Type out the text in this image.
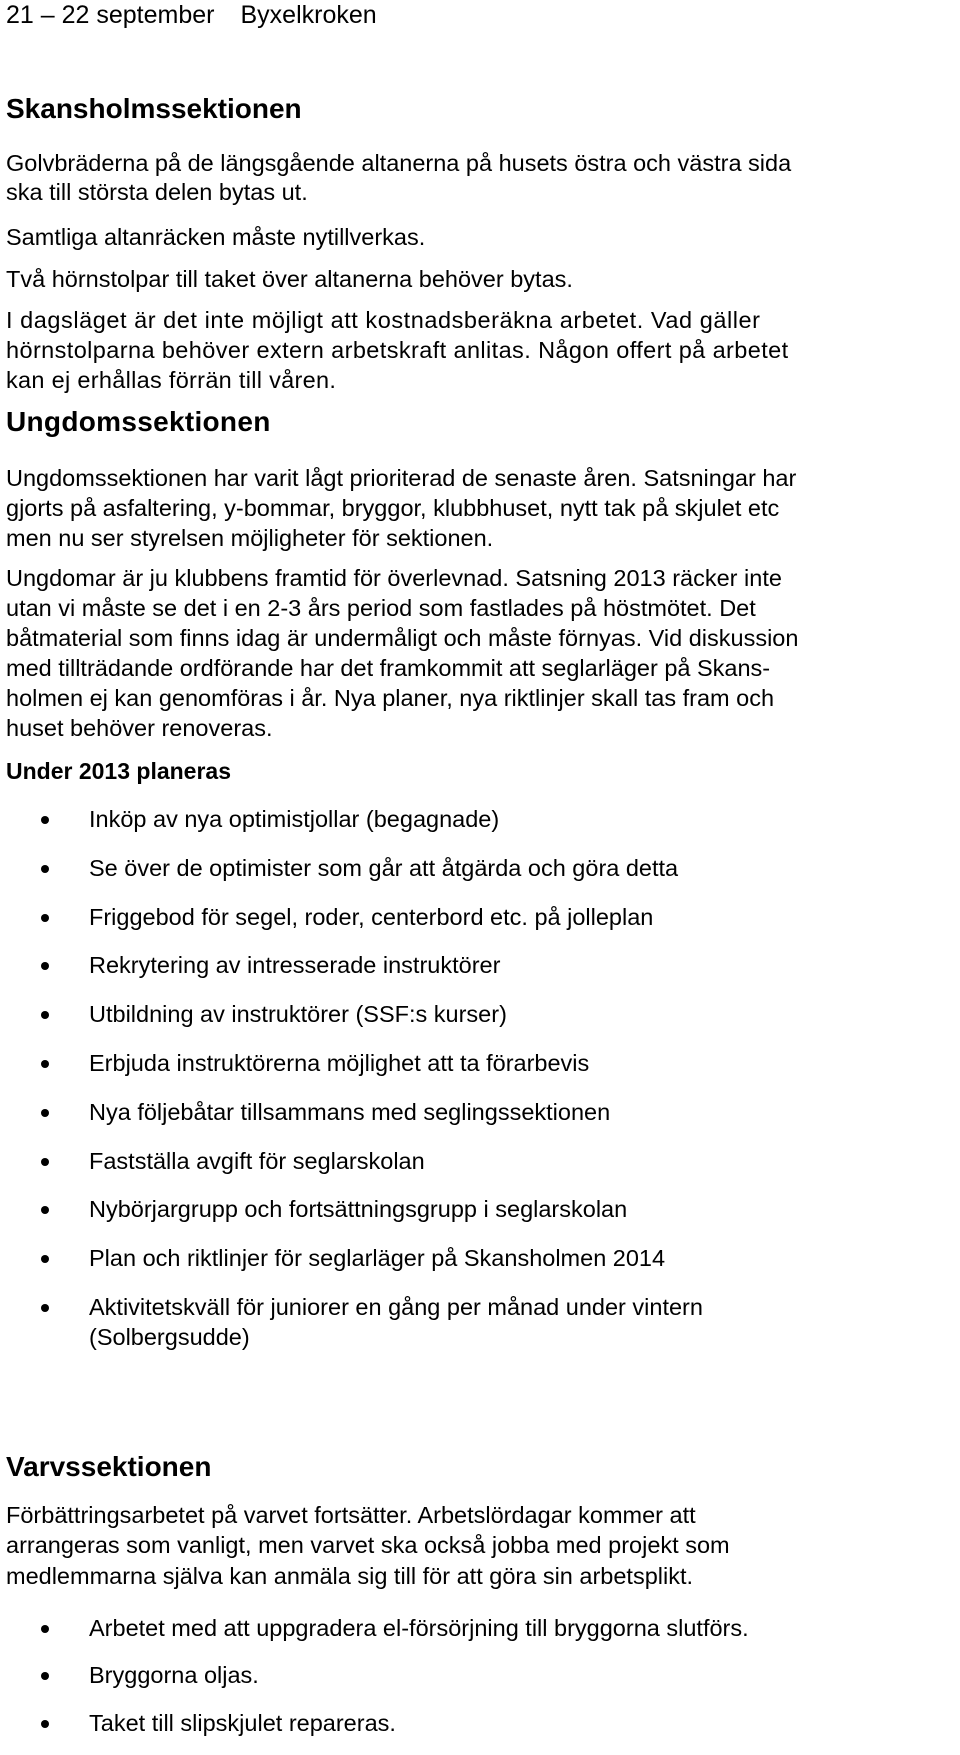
21 – 22 september Byxelkroken
Skansholmssektionen
Golvbräderna på de längsgående altanerna på husets östra och västra sida
ska till största delen bytas ut.
Samtliga altanräcken måste nytillverkas.
Två hörnstolpar till taket över altanerna behöver bytas.
I dagsläget är det inte möjligt att kostnadsberäkna arbetet. Vad gäller
hörnstolparna behöver extern arbetskraft anlitas. Någon offert på arbetet
kan ej erhållas förrän till våren.
Ungdomssektionen
Ungdomssektionen har varit lågt prioriterad de senaste åren. Satsningar har
gjorts på asfaltering, y-bommar, bryggor, klubbhuset, nytt tak på skjulet etc
men nu ser styrelsen möjligheter för sektionen.
Ungdomar är ju klubbens framtid för överlevnad. Satsning 2013 räcker inte
utan vi måste se det i en 2-3 års period som fastlades på höstmötet. Det
båtmaterial som finns idag är undermåligt och måste förnyas. Vid diskussion
med tillträdande ordförande har det framkommit att seglarläger på Skans-
holmen ej kan genomföras i år. Nya planer, nya riktlinjer skall tas fram och
huset behöver renoveras.
Under 2013 planeras
Inköp av nya optimistjollar (begagnade)
Se över de optimister som går att åtgärda och göra detta
Friggebod för segel, roder, centerbord etc. på jolleplan
Rekrytering av intresserade instruktörer
Utbildning av instruktörer (SSF:s kurser)
Erbjuda instruktörerna möjlighet att ta förarbevis
Nya följebåtar tillsammans med seglingssektionen
Fastställa avgift för seglarskolan
Nybörjargrupp och fortsättningsgrupp i seglarskolan
Plan och riktlinjer för seglarläger på Skansholmen 2014
Aktivitetskväll för juniorer en gång per månad under vintern
(Solbergsudde)
Varvssektionen
Förbättringsarbetet på varvet fortsätter. Arbetslördagar kommer att
arrangeras som vanligt, men varvet ska också jobba med projekt som
medlemmarna själva kan anmäla sig till för att göra sin arbetsplikt.
Arbetet med att uppgradera el-försörjning till bryggorna slutförs.
Bryggorna oljas.
Taket till slipskjulet repareras.
